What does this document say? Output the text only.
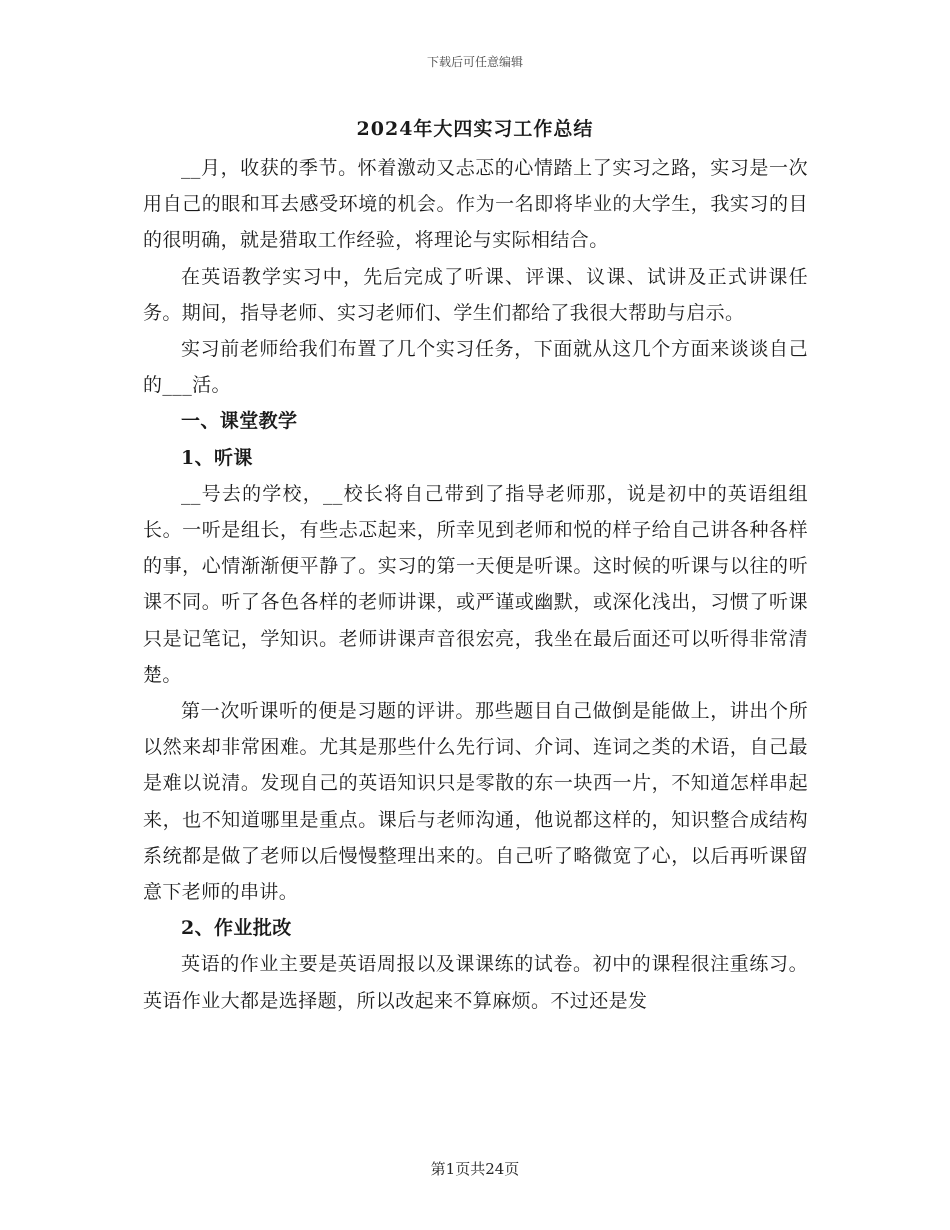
下载后可任意编辑
2024年大四实习工作总结

__月，收获的季节。怀着激动又忐忑的心情踏上了实习之路，实习是一次用自己的眼和耳去感受环境的机会。作为一名即将毕业的大学生，我实习的目的很明确，就是猎取工作经验，将理论与实际相结合。

在英语教学实习中，先后完成了听课、评课、议课、试讲及正式讲课任务。期间，指导老师、实习老师们、学生们都给了我很大帮助与启示。

实习前老师给我们布置了几个实习任务，下面就从这几个方面来谈谈自己的___活。

一、课堂教学

1、听课

__号去的学校，__校长将自己带到了指导老师那，说是初中的英语组组长。一听是组长，有些忐忑起来，所幸见到老师和悦的样子给自己讲各种各样的事，心情渐渐便平静了。实习的第一天便是听课。这时候的听课与以往的听课不同。听了各色各样的老师讲课，或严谨或幽默，或深化浅出，习惯了听课只是记笔记，学知识。老师讲课声音很宏亮，我坐在最后面还可以听得非常清楚。

第一次听课听的便是习题的评讲。那些题目自己做倒是能做上，讲出个所以然来却非常困难。尤其是那些什么先行词、介词、连词之类的术语，自己最是难以说清。发现自己的英语知识只是零散的东一块西一片，不知道怎样串起来，也不知道哪里是重点。课后与老师沟通，他说都这样的，知识整合成结构系统都是做了老师以后慢慢整理出来的。自己听了略微宽了心，以后再听课留意下老师的串讲。

2、作业批改

英语的作业主要是英语周报以及课课练的试卷。初中的课程很注重练习。英语作业大都是选择题，所以改起来不算麻烦。不过还是发

第1页共24页
